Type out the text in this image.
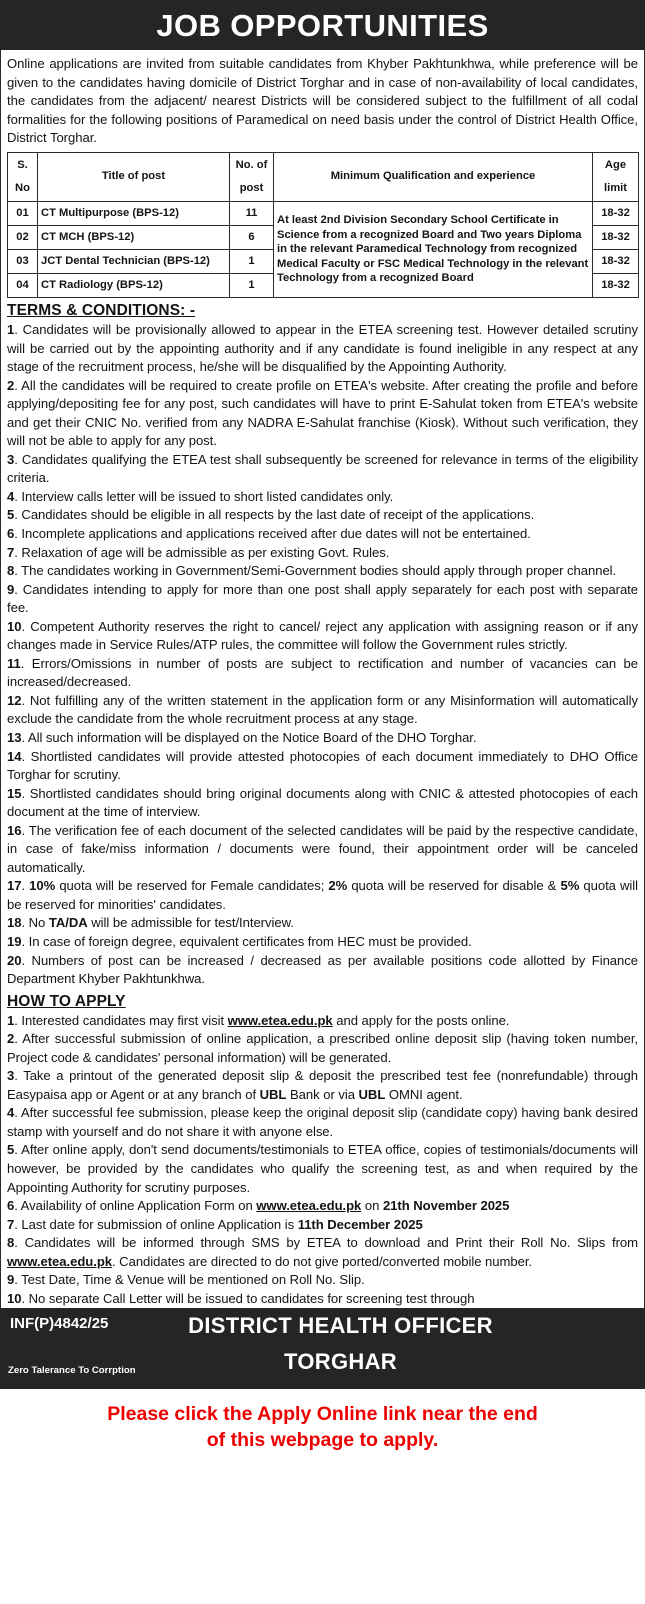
JOB OPPORTUNITIES

Online applications are invited from suitable candidates from Khyber Pakhtunkhwa, while preference will be given to the candidates having domicile of District Torghar and in case of non-availability of local candidates, the candidates from the adjacent/ nearest Districts will be considered subject to the fulfillment of all codal formalities for the following positions of Paramedical on need basis under the control of District Health Office, District Torghar.

S. No	Title of post	No. of post	Minimum Qualification and experience	Age limit
01	CT Multipurpose (BPS-12)	11	At least 2nd Division Secondary School Certificate in Science from a recognized Board and Two years Diploma in the relevant Paramedical Technology from recognized Medical Faculty or FSC Medical Technology in the relevant Technology from a recognized Board	18-32
02	CT MCH (BPS-12)	6		18-32
03	JCT Dental Technician (BPS-12)	1		18-32
04	CT Radiology (BPS-12)	1		18-32
TERMS & CONDITIONS: -

1. Candidates will be provisionally allowed to appear in the ETEA screening test. However detailed scrutiny will be carried out by the appointing authority and if any candidate is found ineligible in any respect at any stage of the recruitment process, he/she will be disqualified by the Appointing Authority.

2. All the candidates will be required to create profile on ETEA's website. After creating the profile and before applying/depositing fee for any post, such candidates will have to print E-Sahulat token from ETEA's website and get their CNIC No. verified from any NADRA E-Sahulat franchise (Kiosk). Without such verification, they will not be able to apply for any post.

3. Candidates qualifying the ETEA test shall subsequently be screened for relevance in terms of the eligibility criteria.

4. Interview calls letter will be issued to short listed candidates only.

5. Candidates should be eligible in all respects by the last date of receipt of the applications.

6. Incomplete applications and applications received after due dates will not be entertained.

7. Relaxation of age will be admissible as per existing Govt. Rules.

8. The candidates working in Government/Semi-Government bodies should apply through proper channel.

9. Candidates intending to apply for more than one post shall apply separately for each post with separate fee.

10. Competent Authority reserves the right to cancel/ reject any application with assigning reason or if any changes made in Service Rules/ATP rules, the committee will follow the Government rules strictly.

11. Errors/Omissions in number of posts are subject to rectification and number of vacancies can be increased/decreased.

12. Not fulfilling any of the written statement in the application form or any Misinformation will automatically exclude the candidate from the whole recruitment process at any stage.

13. All such information will be displayed on the Notice Board of the DHO Torghar.

14. Shortlisted candidates will provide attested photocopies of each document immediately to DHO Office Torghar for scrutiny.

15. Shortlisted candidates should bring original documents along with CNIC & attested photocopies of each document at the time of interview.

16. The verification fee of each document of the selected candidates will be paid by the respective candidate, in case of fake/miss information / documents were found, their appointment order will be canceled automatically.

17. 10% quota will be reserved for Female candidates; 2% quota will be reserved for disable & 5% quota will be reserved for minorities' candidates.

18. No TA/DA will be admissible for test/Interview.

19. In case of foreign degree, equivalent certificates from HEC must be provided.

20. Numbers of post can be increased / decreased as per available positions code allotted by Finance Department Khyber Pakhtunkhwa.

HOW TO APPLY

1. Interested candidates may first visit www.etea.edu.pk and apply for the posts online.

2. After successful submission of online application, a prescribed online deposit slip (having token number, Project code & candidates' personal information) will be generated.

3. Take a printout of the generated deposit slip & deposit the prescribed test fee (nonrefundable) through Easypaisa app or Agent or at any branch of UBL Bank or via UBL OMNI agent.

4. After successful fee submission, please keep the original deposit slip (candidate copy) having bank desired stamp with yourself and do not share it with anyone else.

5. After online apply, don't send documents/testimonials to ETEA office, copies of testimonials/documents will however, be provided by the candidates who qualify the screening test, as and when required by the Appointing Authority for scrutiny purposes.

6. Availability of online Application Form on www.etea.edu.pk on 21th November 2025

7. Last date for submission of online Application is 11th December 2025

8. Candidates will be informed through SMS by ETEA to download and Print their Roll No. Slips from www.etea.edu.pk. Candidates are directed to do not give ported/converted mobile number.

9. Test Date, Time & Venue will be mentioned on Roll No. Slip.

10. No separate Call Letter will be issued to candidates for screening test through

INF(P)4842/25
Zero Talerance To Corrption
DISTRICT HEALTH OFFICER
TORGHAR
Please click the Apply Online link near the end
of this webpage to apply.
